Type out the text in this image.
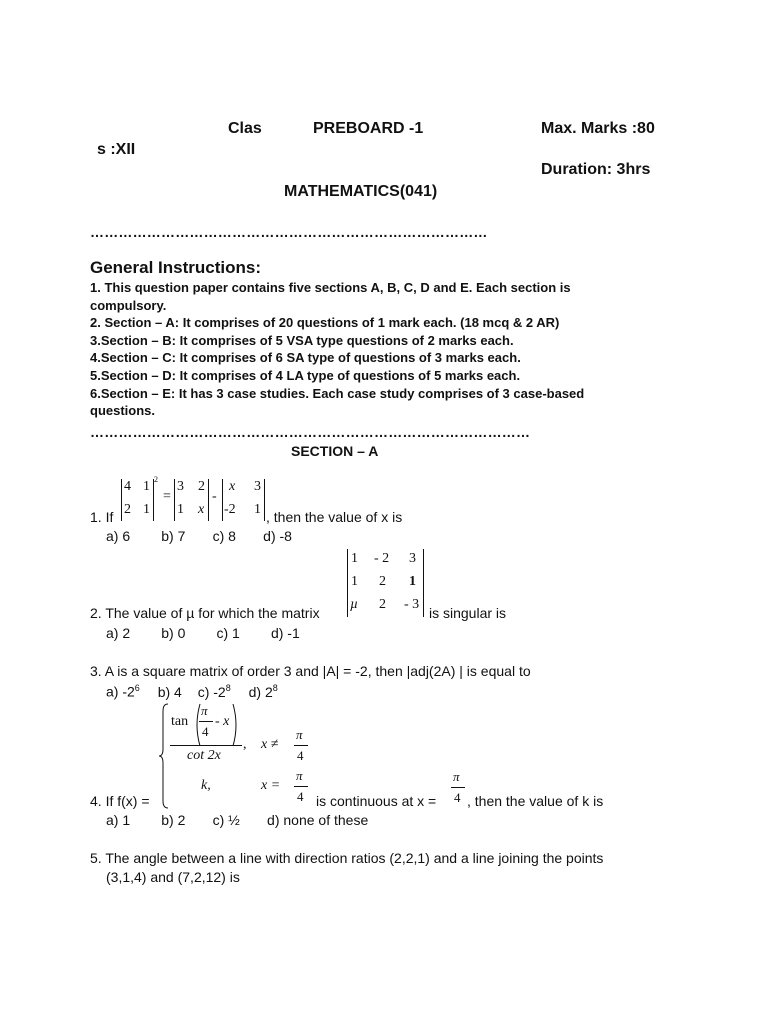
Clas	PREBOARD -1	Max. Marks :80
s :XII
Duration: 3hrs
MATHEMATICS(041)
…………………………………………………………………………
General Instructions:
1. This question paper contains five sections A, B, C, D and E. Each section is
compulsory.
2. Section – A: It comprises of 20 questions of 1 mark each. (18 mcq & 2 AR)
3.Section – B: It comprises of 5 VSA type questions of 2 marks each.
4.Section – C: It comprises of 6 SA type of questions of 3 marks each.
5.Section – D: It comprises of 4 LA type of questions of 5 marks each.
6.Section – E: It has 3 case studies. Each case study comprises of 3 case-based
questions.
…………………………………………………………………………………
SECTION – A
1. If
4 1
2 1
2
=
3 2
1 x
-
x 3
-2 1 , then the value of x is
a) 6        b) 7       c) 8       d) -8
2. The value of µ for which the matrix
1 - 2 3
1 2 1
µ 2 - 3
is singular is
a) 2        b) 0        c) 1        d) -1
3. A is a square matrix of order 3 and |A| = -2, then |adj(2A) | is equal to
a) $-2^6$ b) 4 c) $-2^8$ d) $2^8$
4. If f(x) =
tan
π
4
- x
cot 2x
, x ≠
π
4
k,	x =
π
4 is continuous at x =
π
4 , then the value of k is
a) 1        b) 2       c) ½       d) none of these
5. The angle between a line with direction ratios (2,2,1) and a line joining the points
(3,1,4) and (7,2,12) is
